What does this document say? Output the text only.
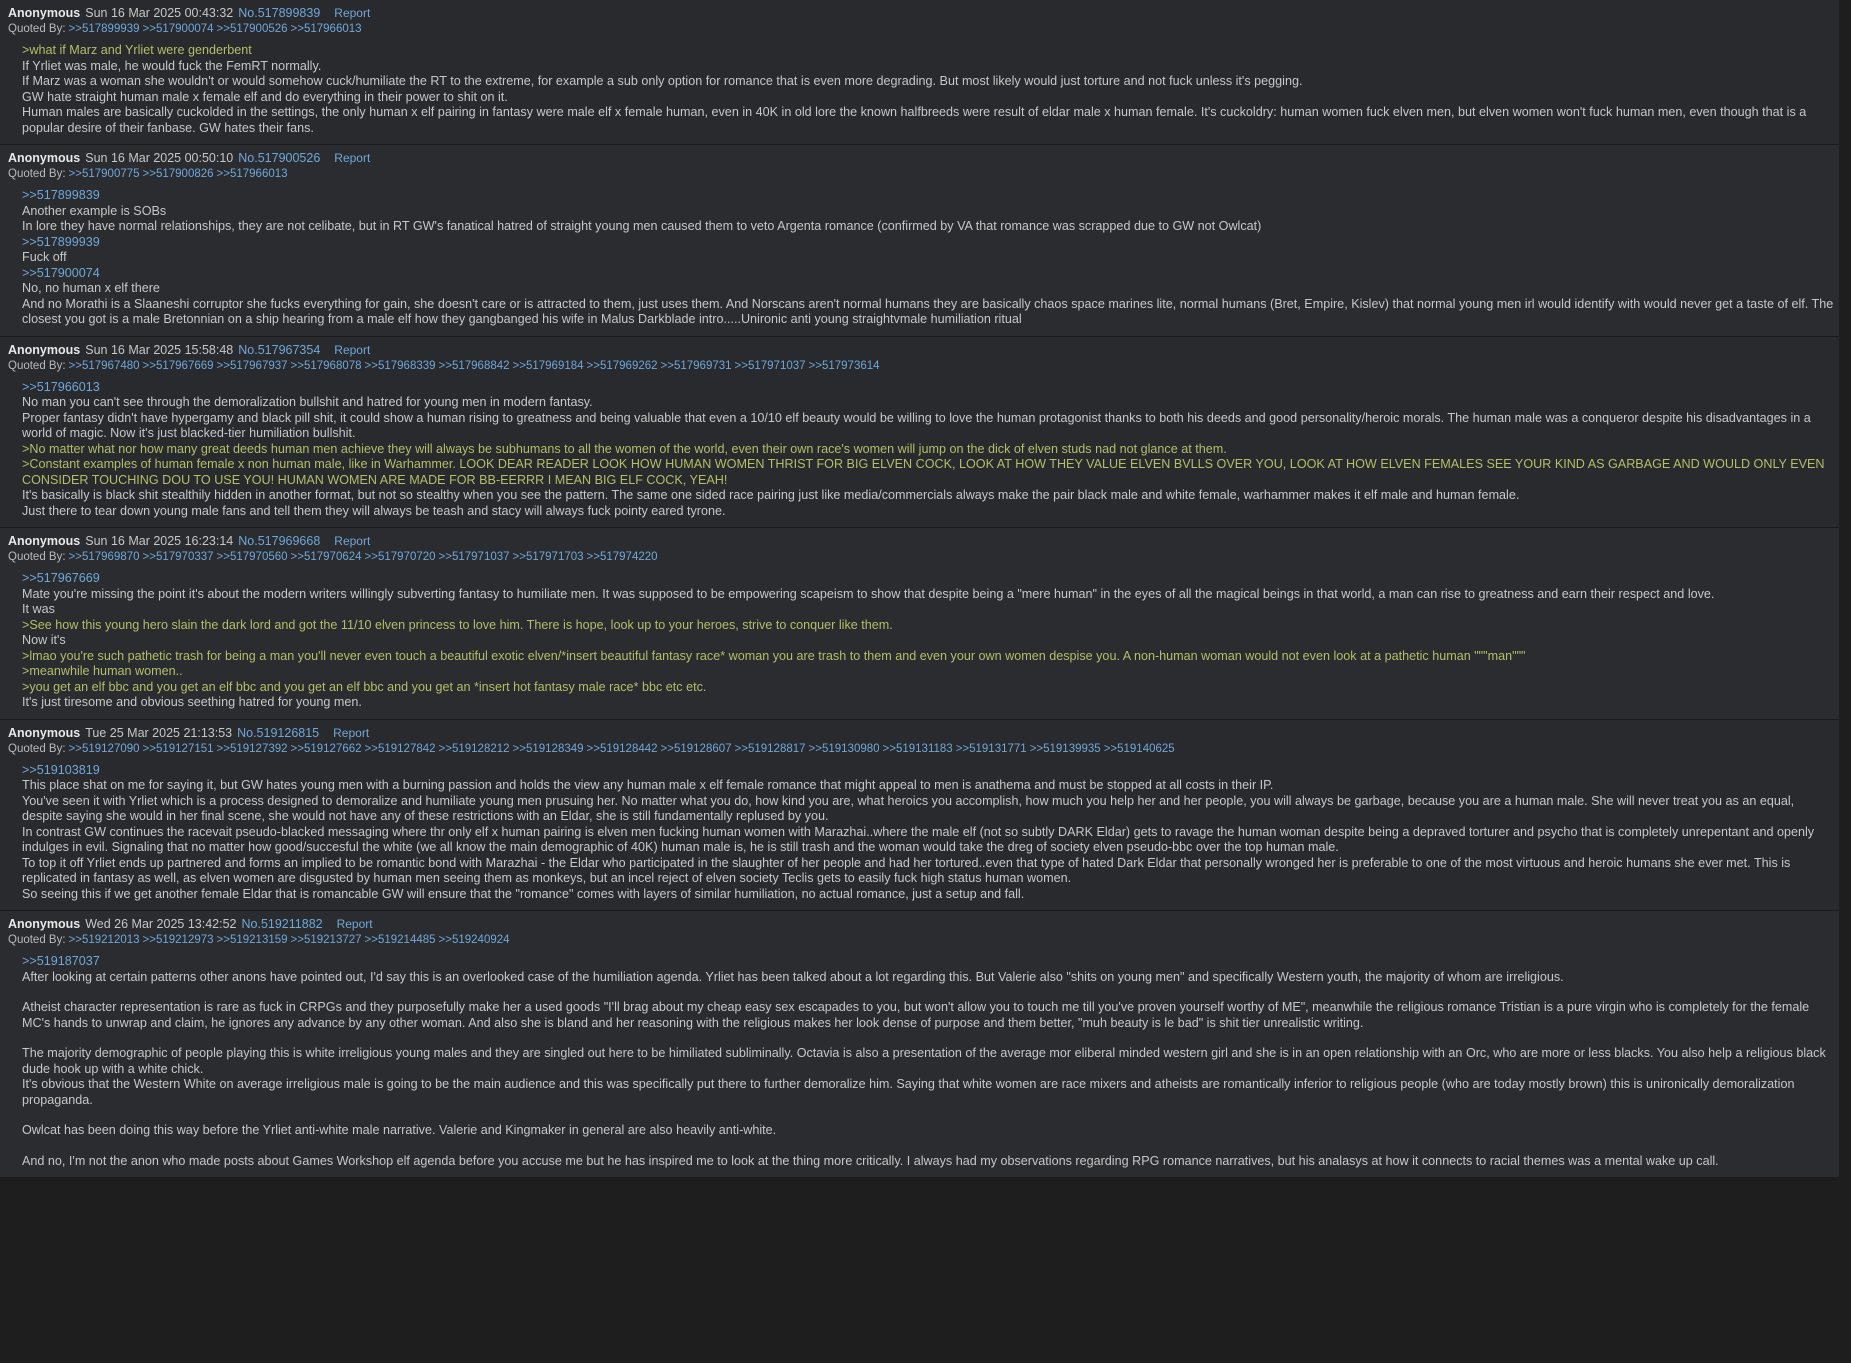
Anonymous Sun 16 Mar 2025 00:43:32 No.517899839 Report
Quoted By: >>517899939 >>517900074 >>517900526 >>517966013
>what if Marz and Yrliet were genderbent
If Yrliet was male, he would fuck the FemRT normally.
If Marz was a woman she wouldn't or would somehow cuck/humiliate the RT to the extreme, for example a sub only option for romance that is even more degrading. But most likely would just torture and not fuck unless it's pegging.
GW hate straight human male x female elf and do everything in their power to shit on it.
Human males are basically cuckolded in the settings, the only human x elf pairing in fantasy were male elf x female human, even in 40K in old lore the known halfbreeds were result of eldar male x human female. It's cuckoldry: human women fuck elven men, but elven women won't fuck human men, even though that is a popular desire of their fanbase. GW hates their fans.
Anonymous Sun 16 Mar 2025 00:50:10 No.517900526 Report
Quoted By: >>517900775 >>517900826 >>517966013
>>517899839
Another example is SOBs
In lore they have normal relationships, they are not celibate, but in RT GW's fanatical hatred of straight young men caused them to veto Argenta romance (confirmed by VA that romance was scrapped due to GW not Owlcat)
>>517899939
Fuck off
>>517900074
No, no human x elf there
And no Morathi is a Slaaneshi corruptor she fucks everything for gain, she doesn't care or is attracted to them, just uses them. And Norscans aren't normal humans they are basically chaos space marines lite, normal humans (Bret, Empire, Kislev) that normal young men irl would identify with would never get a taste of elf. The closest you got is a male Bretonnian on a ship hearing from a male elf how they gangbanged his wife in Malus Darkblade intro.....Unironic anti young straightvmale humiliation ritual
Anonymous Sun 16 Mar 2025 15:58:48 No.517967354 Report
Quoted By: >>517967480 >>517967669 >>517967937 >>517968078 >>517968339 >>517968842 >>517969184 >>517969262 >>517969731 >>517971037 >>517973614
>>517966013
No man you can't see through the demoralization bullshit and hatred for young men in modern fantasy.
Proper fantasy didn't have hypergamy and black pill shit, it could show a human rising to greatness and being valuable that even a 10/10 elf beauty would be willing to love the human protagonist thanks to both his deeds and good personality/heroic morals. The human male was a conqueror despite his disadvantages in a world of magic. Now it's just blacked-tier humiliation bullshit.
>No matter what nor how many great deeds human men achieve they will always be subhumans to all the women of the world, even their own race's women will jump on the dick of elven studs nad not glance at them.
>Constant examples of human female x non human male, like in Warhammer. LOOK DEAR READER LOOK HOW HUMAN WOMEN THRIST FOR BIG ELVEN COCK, LOOK AT HOW THEY VALUE ELVEN BVLLS OVER YOU, LOOK AT HOW ELVEN FEMALES SEE YOUR KIND AS GARBAGE AND WOULD ONLY EVEN CONSIDER TOUCHING DOU TO USE YOU! HUMAN WOMEN ARE MADE FOR BB-EERRR I MEAN BIG ELF COCK, YEAH!
It's basically is black shit stealthily hidden in another format, but not so stealthy when you see the pattern. The same one sided race pairing just like media/commercials always make the pair black male and white female, warhammer makes it elf male and human female.
Just there to tear down young male fans and tell them they will always be teash and stacy will always fuck pointy eared tyrone.
Anonymous Sun 16 Mar 2025 16:23:14 No.517969668 Report
Quoted By: >>517969870 >>517970337 >>517970560 >>517970624 >>517970720 >>517971037 >>517971703 >>517974220
>>517967669
Mate you're missing the point it's about the modern writers willingly subverting fantasy to humiliate men. It was supposed to be empowering scapeism to show that despite being a "mere human" in the eyes of all the magical beings in that world, a man can rise to greatness and earn their respect and love.
It was
>See how this young hero slain the dark lord and got the 11/10 elven princess to love him. There is hope, look up to your heroes, strive to conquer like them.
Now it's
>lmao you're such pathetic trash for being a man you'll never even touch a beautiful exotic elven/*insert beautiful fantasy race* woman you are trash to them and even your own women despise you. A non-human woman would not even look at a pathetic human """man"""
>meanwhile human women..
>you get an elf bbc and you get an elf bbc and you get an elf bbc and you get an *insert hot fantasy male race* bbc etc etc.
It's just tiresome and obvious seething hatred for young men.
Anonymous Tue 25 Mar 2025 21:13:53 No.519126815 Report
Quoted By: >>519127090 >>519127151 >>519127392 >>519127662 >>519127842 >>519128212 >>519128349 >>519128442 >>519128607 >>519128817 >>519130980 >>519131183 >>519131771 >>519139935 >>519140625
>>519103819
This place shat on me for saying it, but GW hates young men with a burning passion and holds the view any human male x elf female romance that might appeal to men is anathema and must be stopped at all costs in their IP.
You've seen it with Yrliet which is a process designed to demoralize and humiliate young men prusuing her. No matter what you do, how kind you are, what heroics you accomplish, how much you help her and her people, you will always be garbage, because you are a human male. She will never treat you as an equal, despite saying she would in her final scene, she would not have any of these restrictions with an Eldar, she is still fundamentally replused by you.
In contrast GW continues the racevait pseudo-blacked messaging where thr only elf x human pairing is elven men fucking human women with Marazhai..where the male elf (not so subtly DARK Eldar) gets to ravage the human woman despite being a depraved torturer and psycho that is completely unrepentant and openly indulges in evil. Signaling that no matter how good/succesful the white (we all know the main demographic of 40K) human male is, he is still trash and the woman would take the dreg of society elven pseudo-bbc over the top human male.
To top it off Yrliet ends up partnered and forms an implied to be romantic bond with Marazhai - the Eldar who participated in the slaughter of her people and had her tortured..even that type of hated Dark Eldar that personally wronged her is preferable to one of the most virtuous and heroic humans she ever met. This is replicated in fantasy as well, as elven women are disgusted by human men seeing them as monkeys, but an incel reject of elven society Teclis gets to easily fuck high status human women.
So seeing this if we get another female Eldar that is romancable GW will ensure that the "romance" comes with layers of similar humiliation, no actual romance, just a setup and fall.
Anonymous Wed 26 Mar 2025 13:42:52 No.519211882 Report
Quoted By: >>519212013 >>519212973 >>519213159 >>519213727 >>519214485 >>519240924
>>519187037
After looking at certain patterns other anons have pointed out, I'd say this is an overlooked case of the humiliation agenda. Yrliet has been talked about a lot regarding this. But Valerie also "shits on young men" and specifically Western youth, the majority of whom are irreligious.
Atheist character representation is rare as fuck in CRPGs and they purposefully make her a used goods "I'll brag about my cheap easy sex escapades to you, but won't allow you to touch me till you've proven yourself worthy of ME", meanwhile the religious romance Tristian is a pure virgin who is completely for the female MC's hands to unwrap and claim, he ignores any advance by any other woman. And also she is bland and her reasoning with the religious makes her look dense of purpose and them better, "muh beauty is le bad" is shit tier unrealistic writing.
The majority demographic of people playing this is white irreligious young males and they are singled out here to be himiliated subliminally. Octavia is also a presentation of the average mor eliberal minded western girl and she is in an open relationship with an Orc, who are more or less blacks. You also help a religious black dude hook up with a white chick.
It's obvious that the Western White on average irreligious male is going to be the main audience and this was specifically put there to further demoralize him. Saying that white women are race mixers and atheists are romantically inferior to religious people (who are today mostly brown) this is unironically demoralization propaganda.
Owlcat has been doing this way before the Yrliet anti-white male narrative. Valerie and Kingmaker in general are also heavily anti-white.
And no, I'm not the anon who made posts about Games Workshop elf agenda before you accuse me but he has inspired me to look at the thing more critically. I always had my observations regarding RPG romance narratives, but his analasys at how it connects to racial themes was a mental wake up call.
